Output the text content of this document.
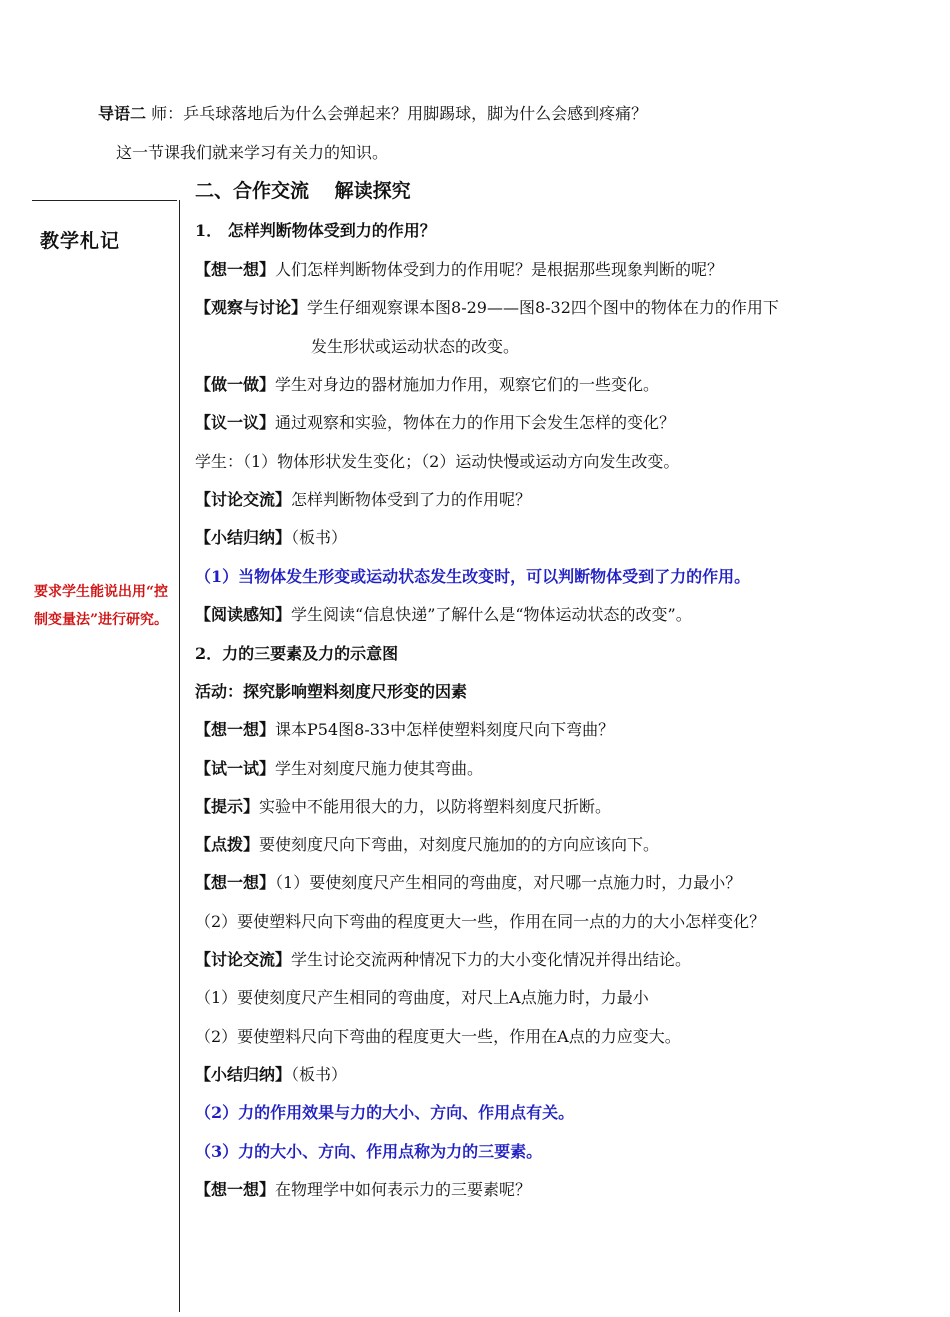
导语二 师：乒乓球落地后为什么会弹起来？用脚踢球，脚为什么会感到疼痛？
这一节课我们就来学习有关力的知识。
二、合作交流　 解读探究
教学札记
要求学生能说出用“控制变量法”进行研究。
1． 怎样判断物体受到力的作用？
【想一想】人们怎样判断物体受到力的作用呢？是根据那些现象判断的呢？
【观察与讨论】学生仔细观察课本图8-29——图8-32四个图中的物体在力的作用下
发生形状或运动状态的改变。
【做一做】学生对身边的器材施加力作用，观察它们的一些变化。
【议一议】通过观察和实验，物体在力的作用下会发生怎样的变化？
学生：（1）物体形状发生变化；（2）运动快慢或运动方向发生改变。
【讨论交流】怎样判断物体受到了力的作用呢？
【小结归纳】（板书）
（1）当物体发生形变或运动状态发生改变时，可以判断物体受到了力的作用。
【阅读感知】学生阅读“信息快递”了解什么是“物体运动状态的改变”。
2．力的三要素及力的示意图
活动：探究影响塑料刻度尺形变的因素
【想一想】课本P54图8-33中怎样使塑料刻度尺向下弯曲？
【试一试】学生对刻度尺施力使其弯曲。
【提示】实验中不能用很大的力，以防将塑料刻度尺折断。
【点拨】要使刻度尺向下弯曲，对刻度尺施加的的方向应该向下。
【想一想】（1）要使刻度尺产生相同的弯曲度，对尺哪一点施力时，力最小？
（2）要使塑料尺向下弯曲的程度更大一些，作用在同一点的力的大小怎样变化？
【讨论交流】学生讨论交流两种情况下力的大小变化情况并得出结论。
（1）要使刻度尺产生相同的弯曲度，对尺上A点施力时，力最小
（2）要使塑料尺向下弯曲的程度更大一些，作用在A点的力应变大。
【小结归纳】（板书）
（2）力的作用效果与力的大小、方向、作用点有关。
（3）力的大小、方向、作用点称为力的三要素。
【想一想】在物理学中如何表示力的三要素呢？
